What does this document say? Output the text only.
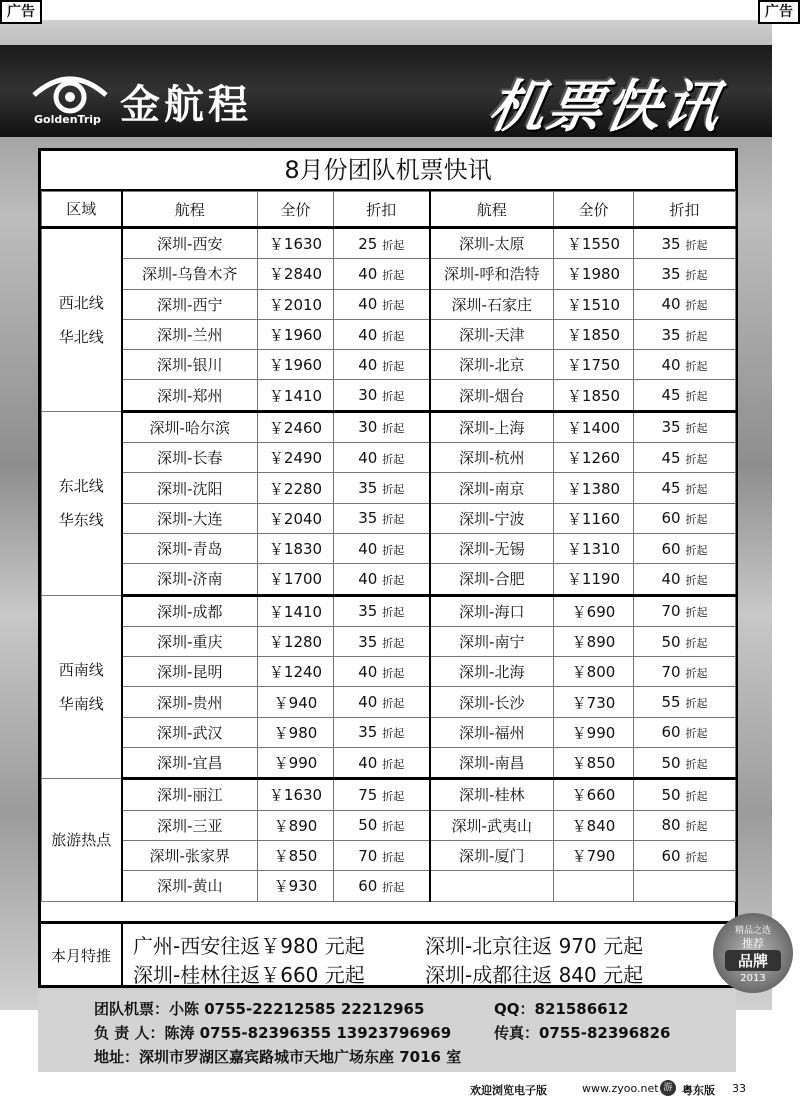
广告	广告
GoldenTrip 金航程	机票快讯
8月份团队机票快讯
区域	航程	全价	折扣	航程	全价	折扣

西北线
华北线	深圳-西安	￥1630	25 折起	深圳-太原	￥1550	35 折起
	深圳-乌鲁木齐	￥2840	40 折起	深圳-呼和浩特	￥1980	35 折起
	深圳-西宁	￥2010	40 折起	深圳-石家庄	￥1510	40 折起
	深圳-兰州	￥1960	40 折起	深圳-天津	￥1850	35 折起
	深圳-银川	￥1960	40 折起	深圳-北京	￥1750	40 折起
	深圳-郑州	￥1410	30 折起	深圳-烟台	￥1850	45 折起

东北线
华东线	深圳-哈尔滨	￥2460	30 折起	深圳-上海	￥1400	35 折起
	深圳-长春	￥2490	40 折起	深圳-杭州	￥1260	45 折起
	深圳-沈阳	￥2280	35 折起	深圳-南京	￥1380	45 折起
	深圳-大连	￥2040	35 折起	深圳-宁波	￥1160	60 折起
	深圳-青岛	￥1830	40 折起	深圳-无锡	￥1310	60 折起
	深圳-济南	￥1700	40 折起	深圳-合肥	￥1190	40 折起

西南线
华南线	深圳-成都	￥1410	35 折起	深圳-海口	￥690	70 折起
	深圳-重庆	￥1280	35 折起	深圳-南宁	￥890	50 折起
	深圳-昆明	￥1240	40 折起	深圳-北海	￥800	70 折起
	深圳-贵州	￥940	40 折起	深圳-长沙	￥730	55 折起
	深圳-武汉	￥980	35 折起	深圳-福州	￥990	60 折起
	深圳-宜昌	￥990	40 折起	深圳-南昌	￥850	50 折起

旅游热点	深圳-丽江	￥1630	75 折起	深圳-桂林	￥660	50 折起
	深圳-三亚	￥890	50 折起	深圳-武夷山	￥840	80 折起
	深圳-张家界	￥850	70 折起	深圳-厦门	￥790	60 折起
	深圳-黄山	￥930	60 折起			
本月特推	广州-西安往返￥980 元起	深圳-北京往返 970 元起
深圳-桂林往返￥660 元起	深圳-成都往返 840 元起
精品之选
推荐
品牌
2013
团队机票：小陈 0755-22212585 22212965	QQ：821586612
负 责 人：陈涛 0755-82396355 13923796969	传真：0755-82396826
地址：深圳市罗湖区嘉宾路城市天地广场东座 7016 室
欢迎浏览电子版	www.zyoo.net 游 粤东版 33
